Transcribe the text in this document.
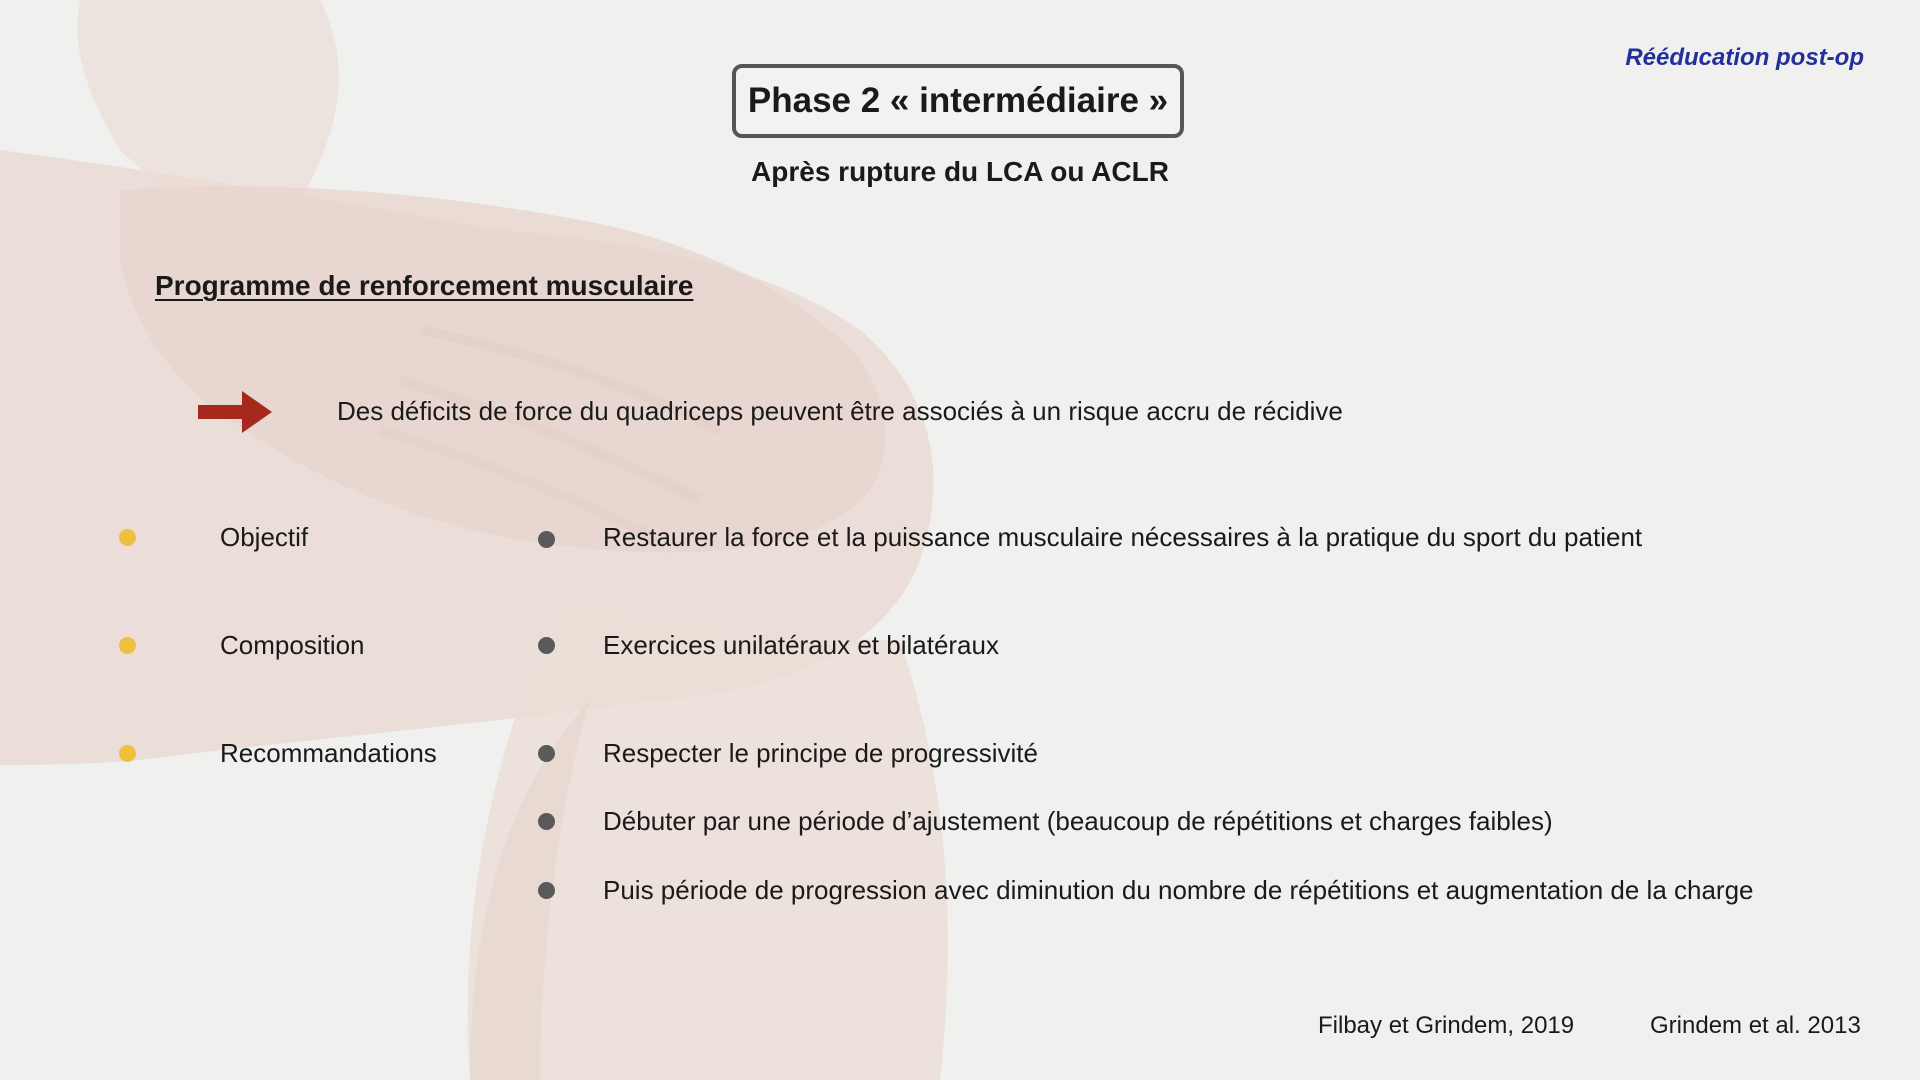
Rééducation post-op
Phase 2 « intermédiaire »
Après rupture du LCA ou ACLR
Programme de renforcement musculaire
Des déficits de force du quadriceps peuvent être associés à un risque accru de récidive
Objectif	Restaurer la force et la puissance musculaire nécessaires à la pratique du sport du patient
Composition	Exercices unilatéraux et bilatéraux
Recommandations	Respecter le principe de progressivité
Débuter par une période d’ajustement (beaucoup de répétitions et charges faibles)
Puis période de progression avec diminution du nombre de répétitions et augmentation de la charge
Filbay et Grindem, 2019	Grindem et al. 2013
